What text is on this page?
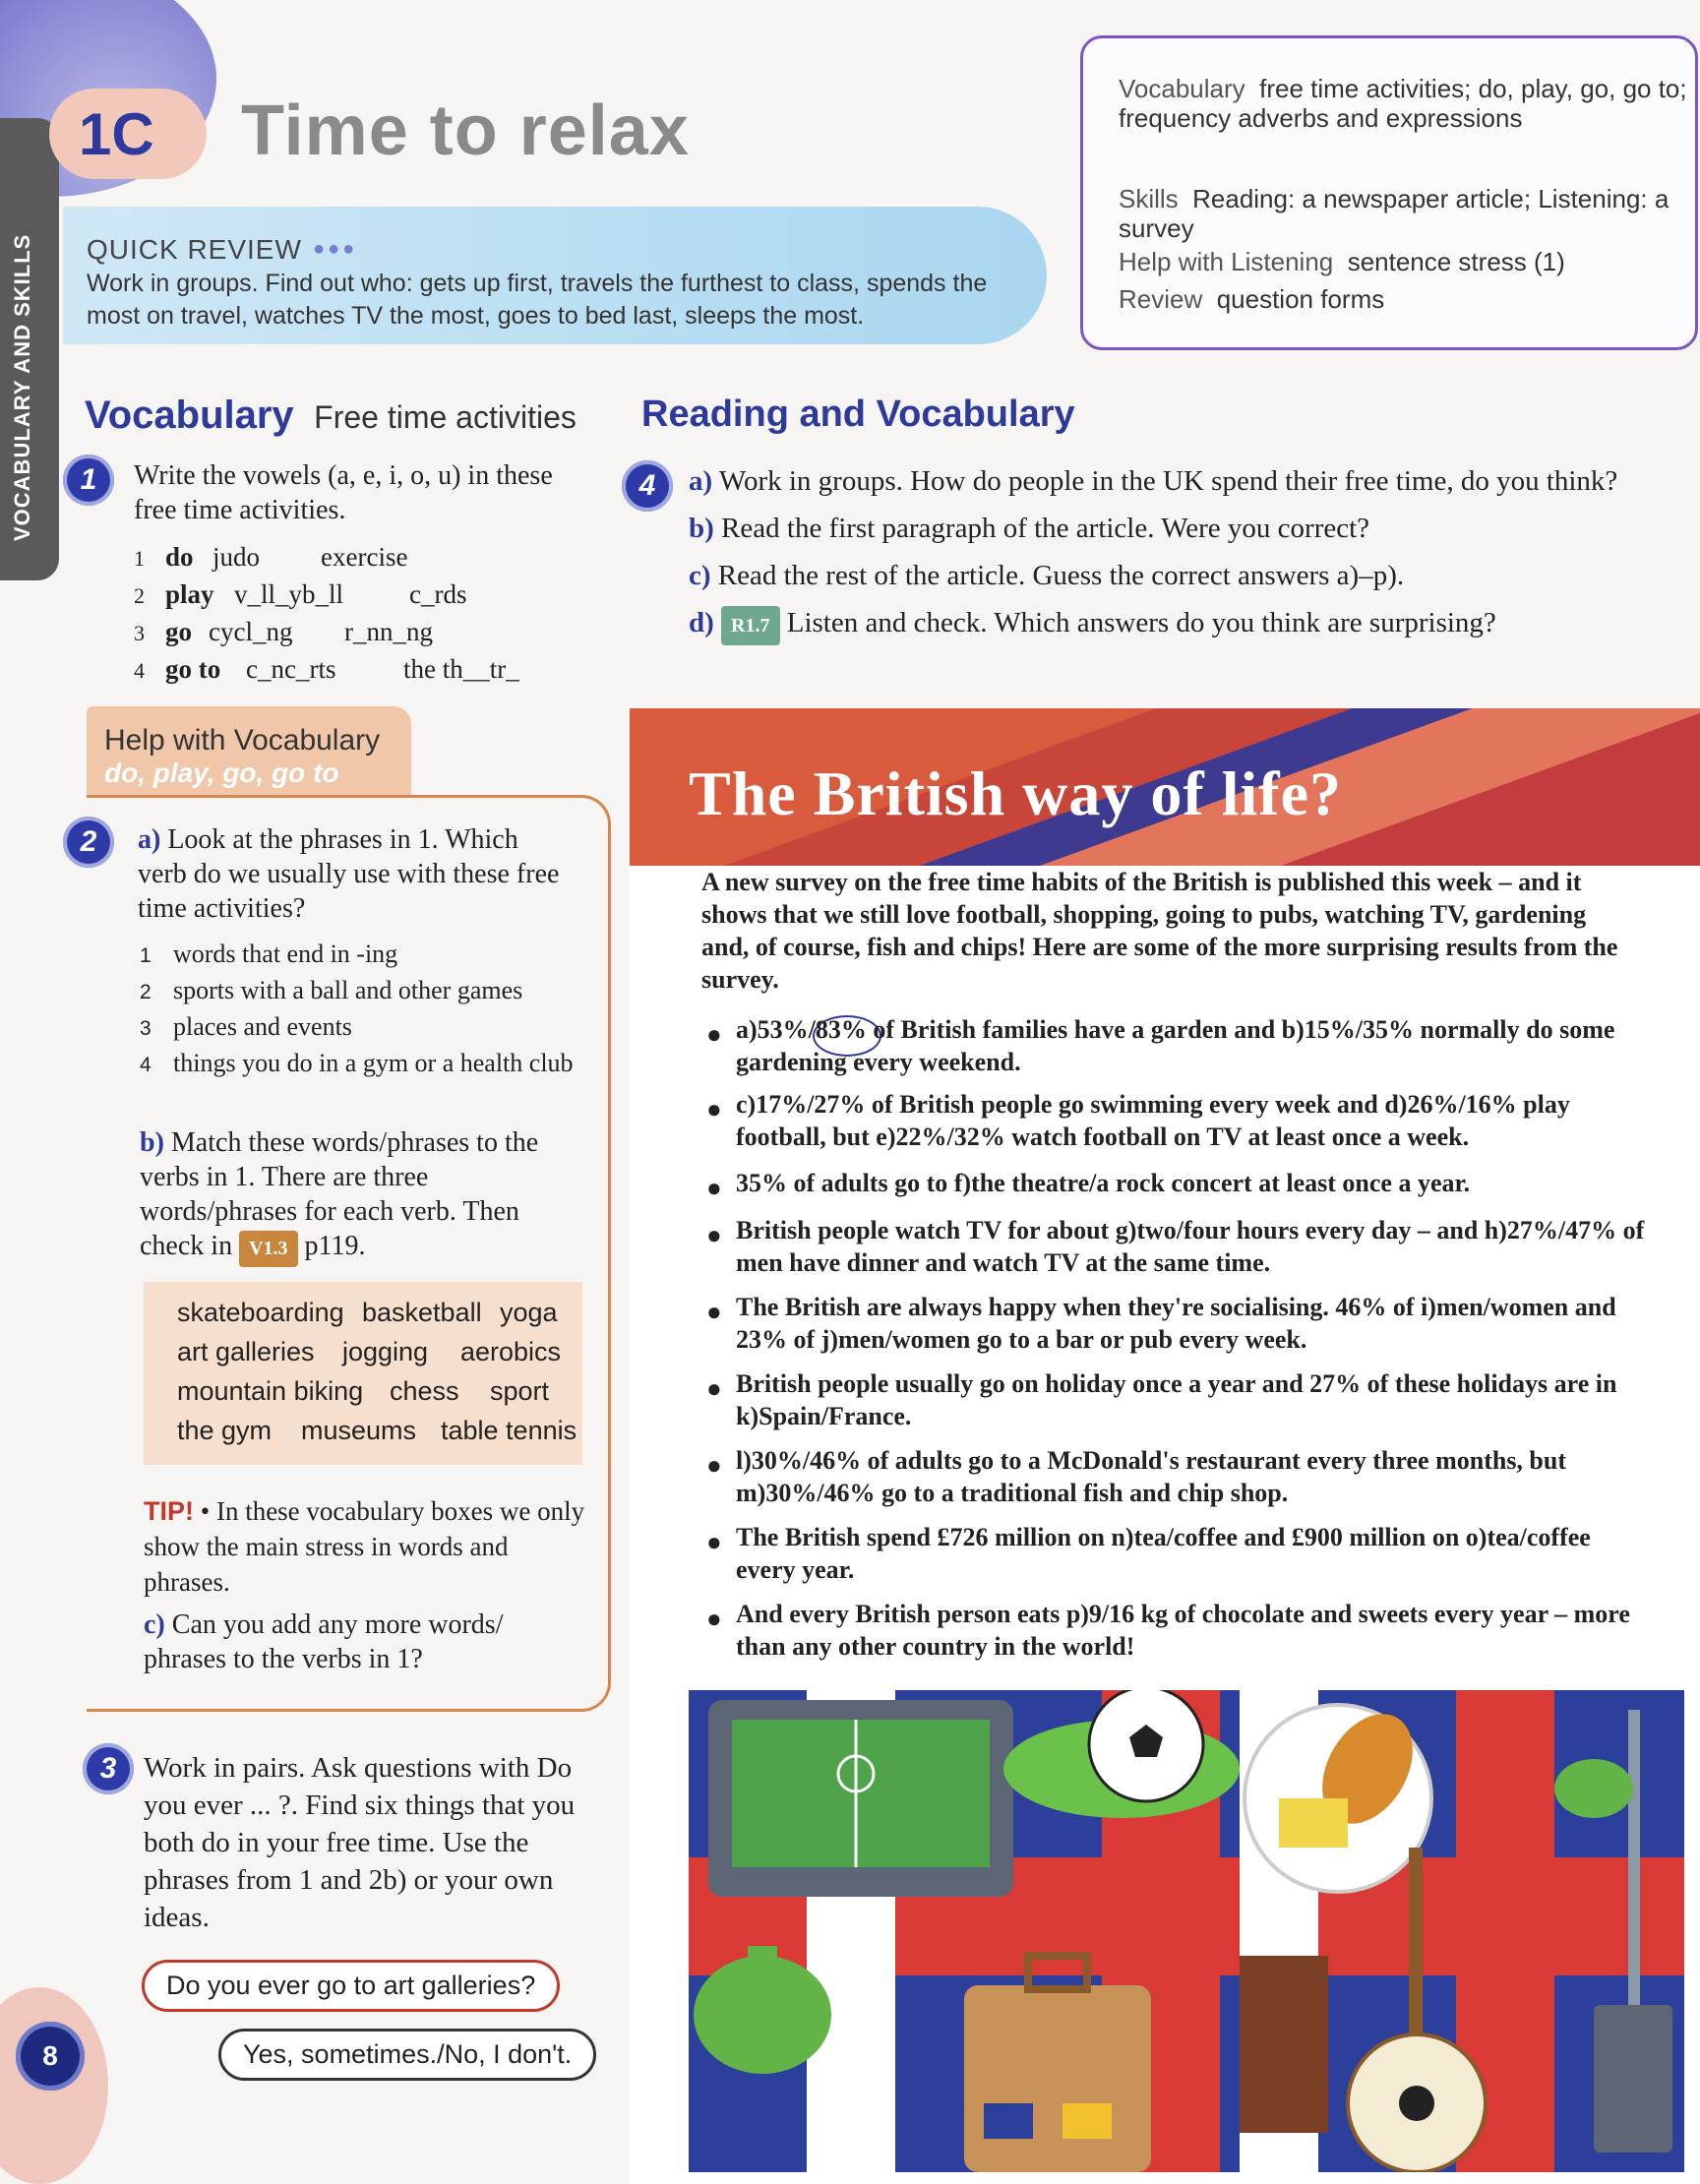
VOCABULARY AND SKILLS
1C Time to relax
QUICK REVIEW ●●●
Work in groups. Find out who: gets up first, travels the furthest to class, spends the most on travel, watches TV the most, goes to bed last, sleeps the most.
Vocabulary free time activities; do, play, go, go to; frequency adverbs and expressions
Skills Reading: a newspaper article; Listening: a survey
Help with Listening sentence stress (1)
Review question forms
Vocabulary Free time activities
1	Write the vowels (a, e, i, o, u) in these free time activities.
1 do judo exercise
2 play v_ll_yb_ll c_rds
3 go cycl_ng r_nn_ng
4 go to c_nc_rts	the th__tr_
Help with Vocabulary
do, play, go, go to
2	a) Look at the phrases in 1. Which verb do we usually use with these free time activities?
1 words that end in -ing
2 sports with a ball and other games
3 places and events
4 things you do in a gym or a health club
b) Match these words/phrases to the verbs in 1. There are three words/phrases for each verb. Then check in V1.3 p119.
skateboarding basketball yoga
art galleries jogging aerobics
mountain biking chess sport
the gym museums table tennis
TIP! • In these vocabulary boxes we only show the main stress in words and phrases.
c) Can you add any more words/ phrases to the verbs in 1?
3 Work in pairs. Ask questions with Do you ever ... ?. Find six things that you both do in your free time. Use the phrases from 1 and 2b) or your own ideas.
Do you ever go to art galleries?
Yes, sometimes./No, I don't.
8
Reading and Vocabulary
4	a) Work in groups. How do people in the UK spend their free time, do you think?
b) Read the first paragraph of the article. Were you correct?
c) Read the rest of the article. Guess the correct answers a)–p).
d) R1.7 Listen and check. Which answers do you think are surprising?
The British way of life?
A new survey on the free time habits of the British is published this week – and it shows that we still love football, shopping, going to pubs, watching TV, gardening and, of course, fish and chips! Here are some of the more surprising results from the survey.
● a)53%/83% of British families have a garden and b)15%/35% normally do some gardening every weekend.
● c)17%/27% of British people go swimming every week and d)26%/16% play football, but e)22%/32% watch football on TV at least once a week.
● 35% of adults go to f)the theatre/a rock concert at least once a year.
● British people watch TV for about g)two/four hours every day – and h)27%/47% of men have dinner and watch TV at the same time.
● The British are always happy when they're socialising. 46% of i)men/women and 23% of j)men/women go to a bar or pub every week.
● British people usually go on holiday once a year and 27% of these holidays are in k)Spain/France.
● l)30%/46% of adults go to a McDonald's restaurant every three months, but m)30%/46% go to a traditional fish and chip shop.
● The British spend £726 million on n)tea/coffee and £900 million on o)tea/coffee every year.
● And every British person eats p)9/16 kg of chocolate and sweets every year – more than any other country in the world!
